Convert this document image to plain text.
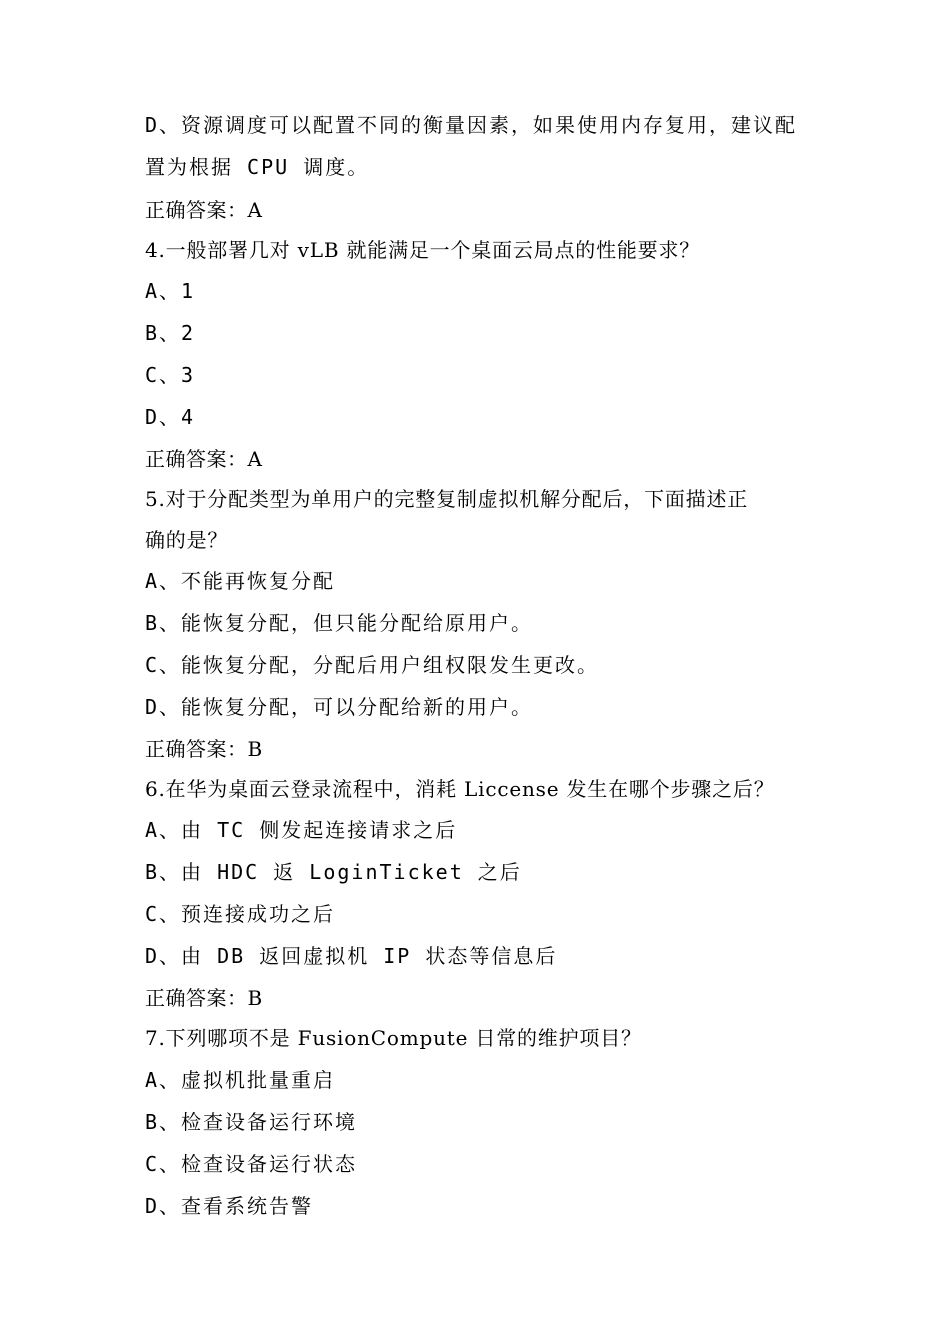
D、资源调度可以配置不同的衡量因素，如果使用内存复用，建议配
置为根据 CPU 调度。
正确答案：A
4.一般部署几对 vLB 就能满足一个桌面云局点的性能要求？
A、1
B、2
C、3
D、4
正确答案：A
5.对于分配类型为单用户的完整复制虚拟机解分配后，下面描述正
确的是？
A、不能再恢复分配
B、能恢复分配，但只能分配给原用户。
C、能恢复分配，分配后用户组权限发生更改。
D、能恢复分配，可以分配给新的用户。
正确答案：B
6.在华为桌面云登录流程中，消耗 Liccense 发生在哪个步骤之后？
A、由 TC 侧发起连接请求之后
B、由 HDC 返 LoginTicket 之后
C、预连接成功之后
D、由 DB 返回虚拟机 IP 状态等信息后
正确答案：B
7.下列哪项不是 FusionCompute 日常的维护项目？
A、虚拟机批量重启
B、检查设备运行环境
C、检查设备运行状态
D、查看系统告警
